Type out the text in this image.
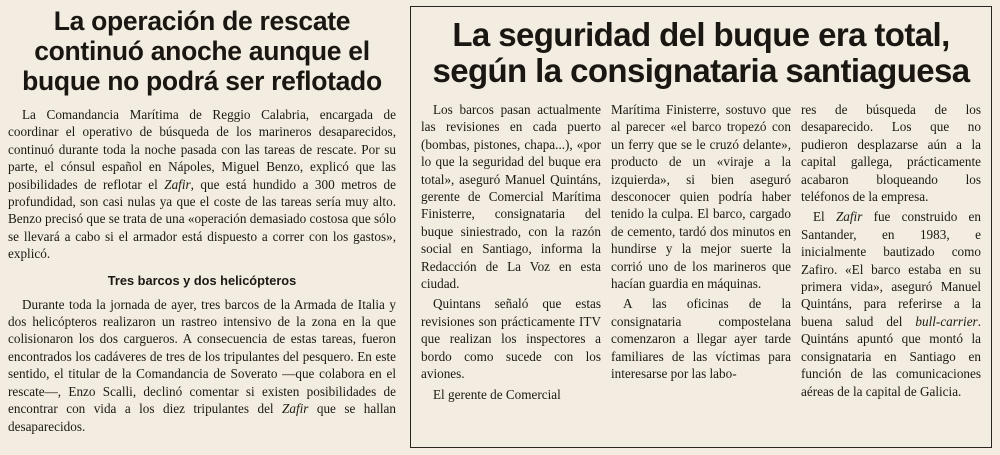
La operación de rescate continuó anoche aunque el buque no podrá ser reflotado

La Comandancia Marítima de Reggio Calabria, encargada de coordinar el operativo de búsqueda de los marineros desaparecidos, continuó durante toda la noche pasada con las tareas de rescate. Por su parte, el cónsul español en Nápoles, Miguel Benzo, explicó que las posibilidades de reflotar el Zafir, que está hundido a 300 metros de profundidad, son casi nulas ya que el coste de las tareas sería muy alto. Benzo precisó que se trata de una «operación demasiado costosa que sólo se llevará a cabo si el armador está dispuesto a correr con los gastos», explicó.

Tres barcos y dos helicópteros

Durante toda la jornada de ayer, tres barcos de la Armada de Italia y dos helicópteros realizaron un rastreo intensivo de la zona en la que colisionaron los dos cargueros. A consecuencia de estas tareas, fueron encontrados los cadáveres de tres de los tripulantes del pesquero. En este sentido, el titular de la Comandancia de Soverato —que colabora en el rescate—, Enzo Scalli, declinó comentar si existen posibilidades de encontrar con vida a los diez tripulantes del Zafir que se hallan desaparecidos.

La seguridad del buque era total, según la consignataria santiaguesa

Los barcos pasan actualmente las revisiones en cada puerto (bombas, pistones, chapa...), «por lo que la seguridad del buque era total», aseguró Manuel Quintáns, gerente de Comercial Marítima Finisterre, consignataria del buque siniestrado, con la razón social en Santiago, informa la Redacción de La Voz en esta ciudad.

Quintans señaló que estas revisiones son prácticamente ITV que realizan los inspectores a bordo como sucede con los aviones.

El gerente de Comercial

Marítima Finisterre, sostuvo que al parecer «el barco tropezó con un ferry que se le cruzó delante», producto de un «viraje a la izquierda», si bien aseguró desconocer quien podría haber tenido la culpa. El barco, cargado de cemento, tardó dos minutos en hundirse y la mejor suerte la corrió uno de los marineros que hacían guardia en máquinas.

A las oficinas de la consignataria compostelana comenzaron a llegar ayer tarde familiares de las víctimas para interesarse por las labo-

res de búsqueda de los desaparecido. Los que no pudieron desplazarse aún a la capital gallega, prácticamente acabaron bloqueando los teléfonos de la empresa.

El Zafir fue construido en Santander, en 1983, e inicialmente bautizado como Zafiro. «El barco estaba en su primera vida», aseguró Manuel Quintáns, para referirse a la buena salud del bull-carrier. Quintáns apuntó que montó la consignataria en Santiago en función de las comunicaciones aéreas de la capital de Galicia.
